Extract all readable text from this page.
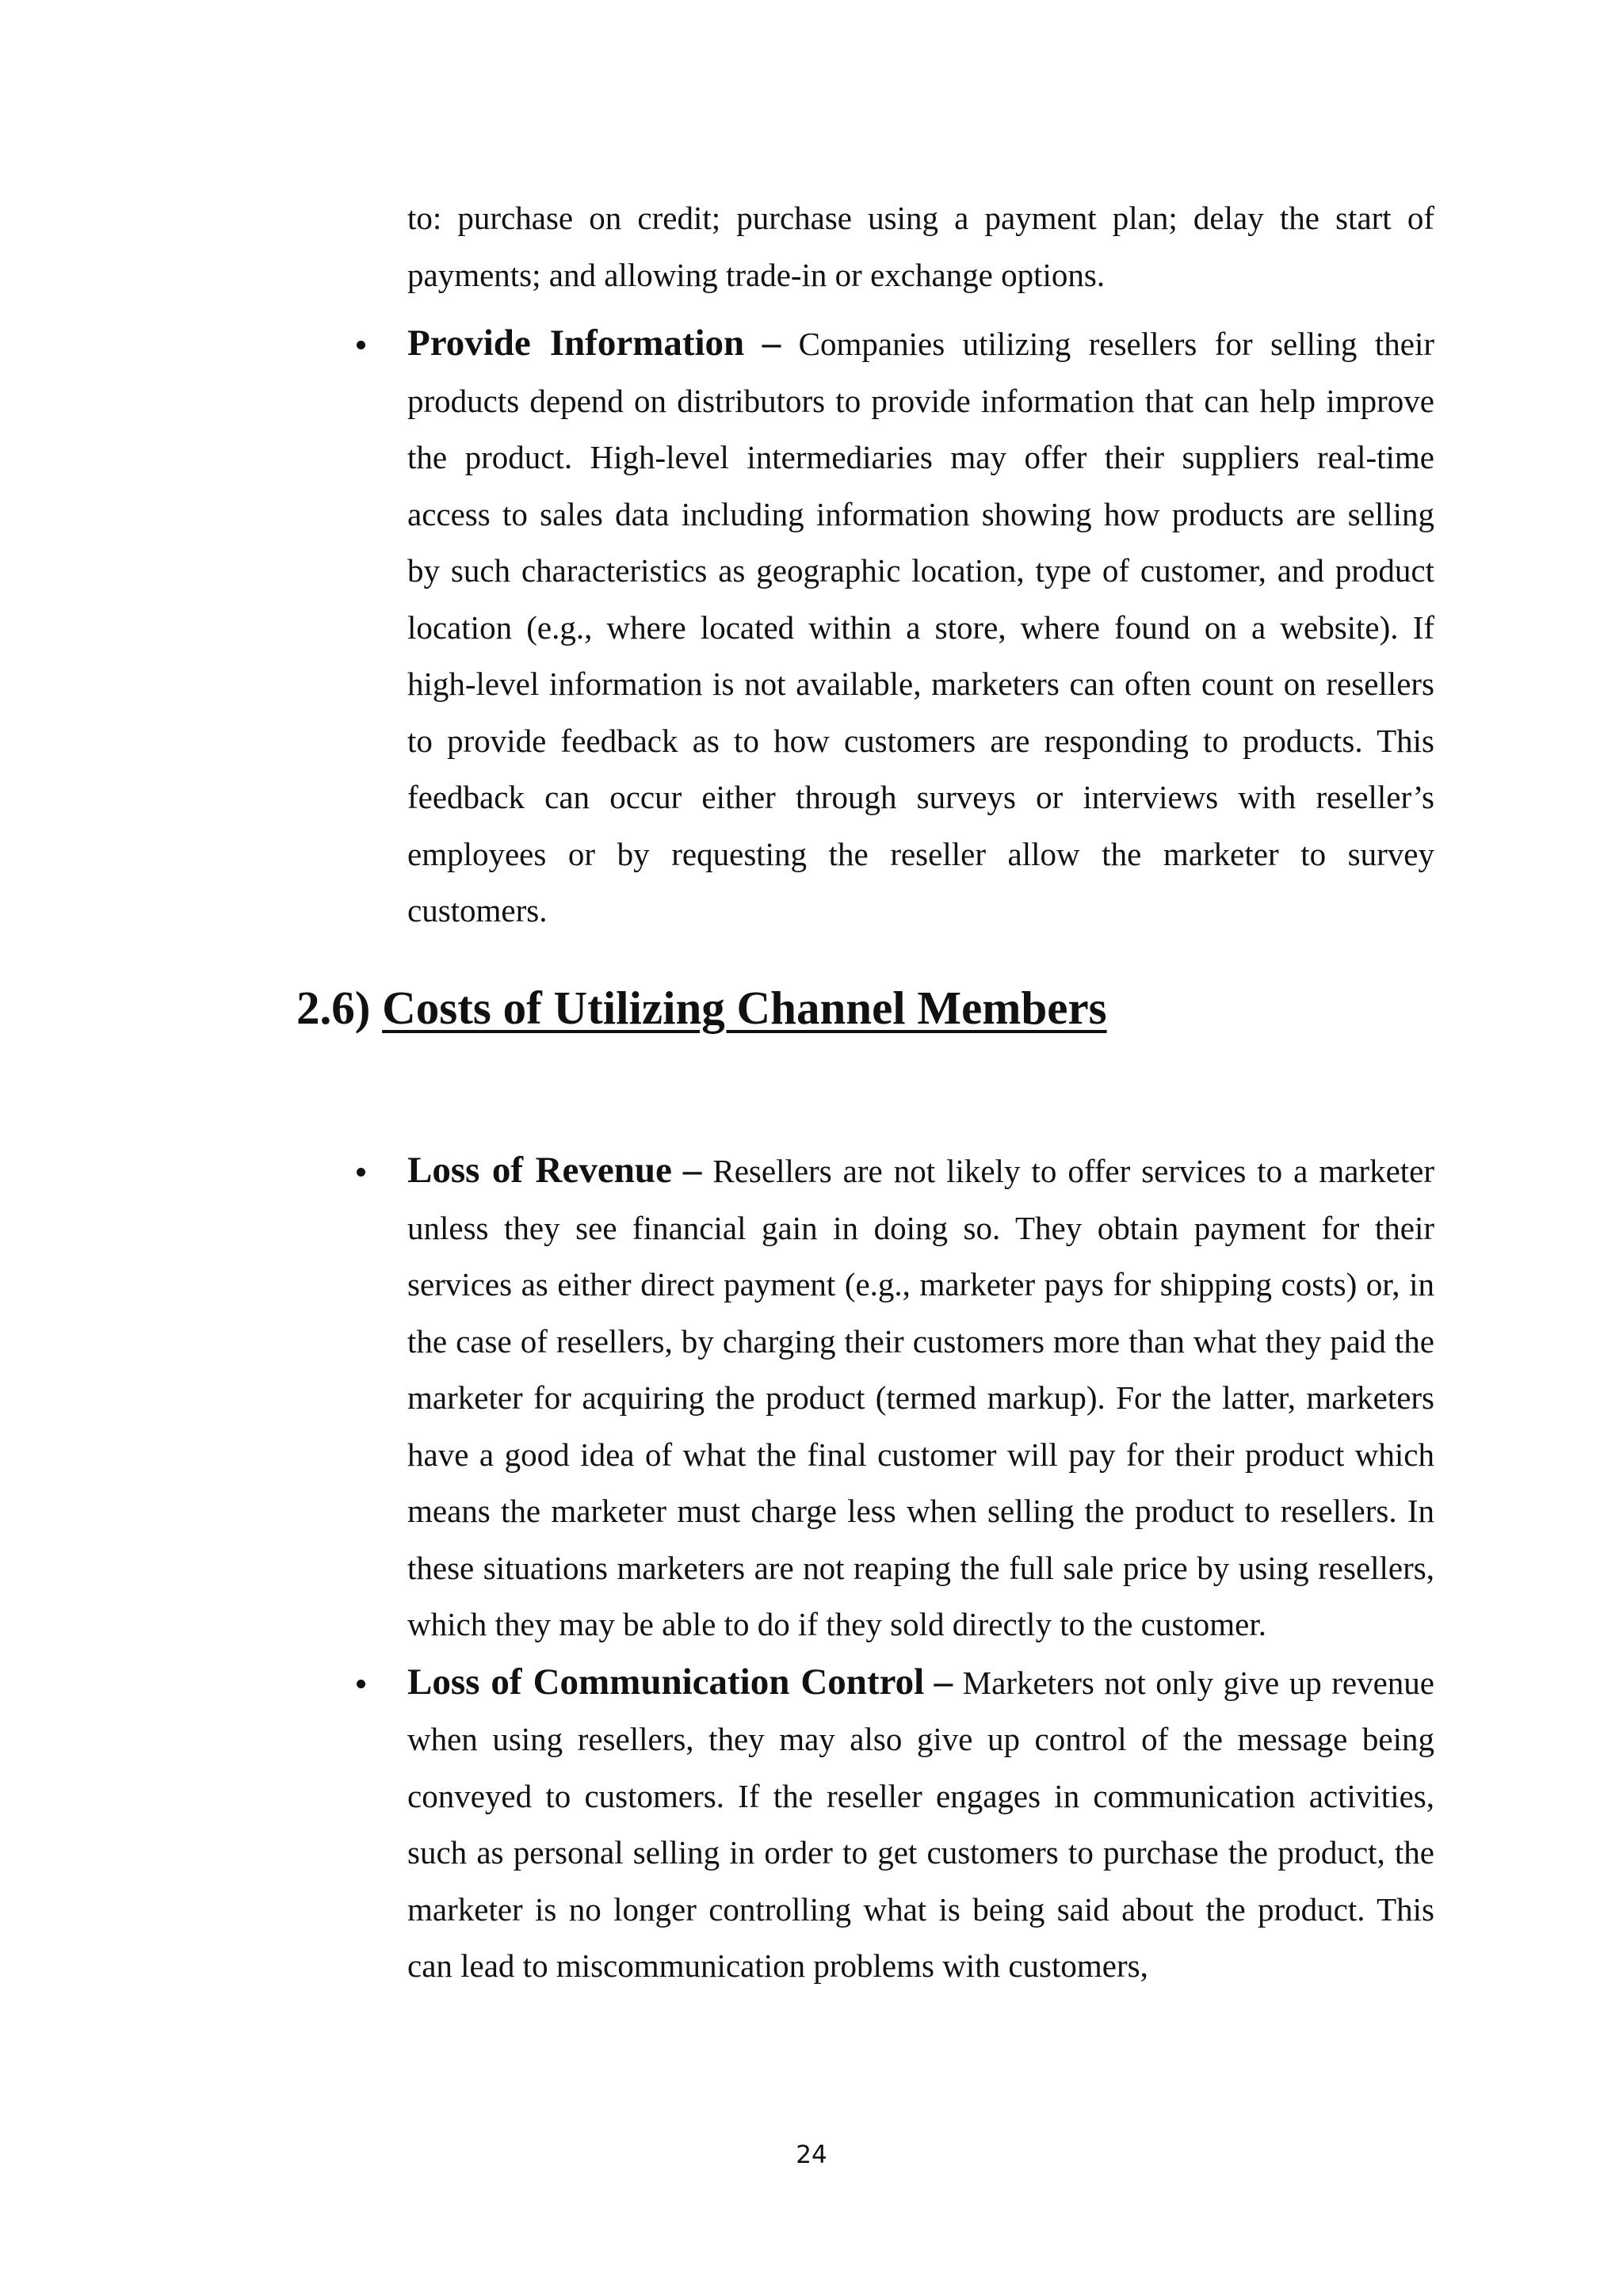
to: purchase on credit; purchase using a payment plan; delay the start of payments; and allowing trade-in or exchange options.

Provide Information – Companies utilizing resellers for selling their products depend on distributors to provide information that can help improve the product. High-level intermediaries may offer their suppliers real-time access to sales data including information showing how products are selling by such characteristics as geographic location, type of customer, and product location (e.g., where located within a store, where found on a website). If high-level information is not available, marketers can often count on resellers to provide feedback as to how customers are responding to products. This feedback can occur either through surveys or interviews with reseller’s employees or by requesting the reseller allow the marketer to survey customers.
2.6) Costs of Utilizing Channel Members
Loss of Revenue – Resellers are not likely to offer services to a marketer unless they see financial gain in doing so. They obtain payment for their services as either direct payment (e.g., marketer pays for shipping costs) or, in the case of resellers, by charging their customers more than what they paid the marketer for acquiring the product (termed markup). For the latter, marketers have a good idea of what the final customer will pay for their product which means the marketer must charge less when selling the product to resellers. In these situations marketers are not reaping the full sale price by using resellers, which they may be able to do if they sold directly to the customer.
Loss of Communication Control – Marketers not only give up revenue when using resellers, they may also give up control of the message being conveyed to customers. If the reseller engages in communication activities, such as personal selling in order to get customers to purchase the product, the marketer is no longer controlling what is being said about the product. This can lead to miscommunication problems with customers,
24
